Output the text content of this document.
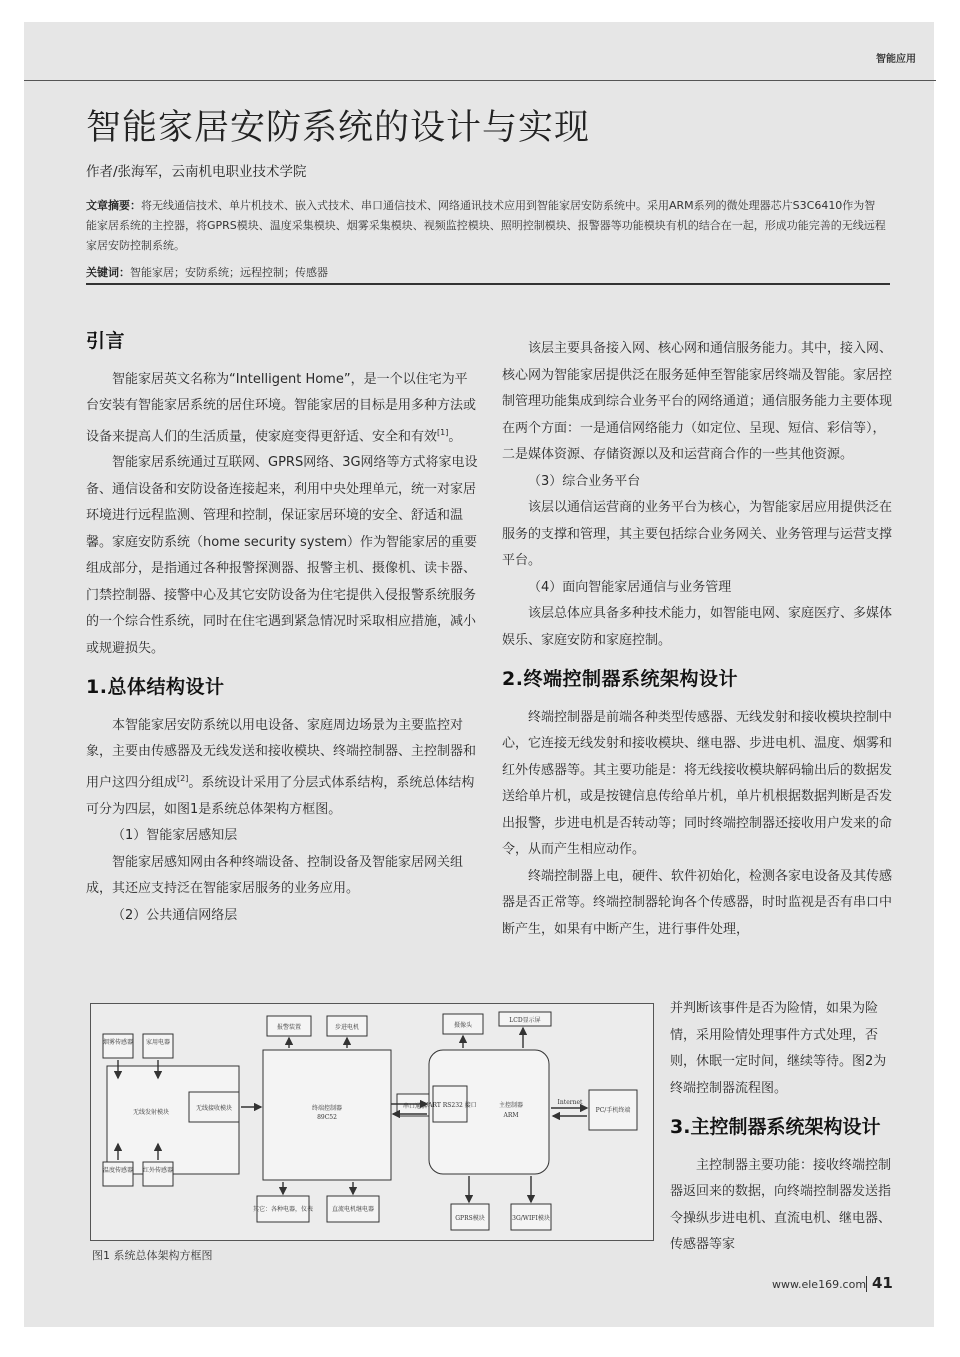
智能应用
智能家居安防系统的设计与实现
作者/张海军，云南机电职业技术学院
文章摘要：将无线通信技术、单片机技术、嵌入式技术、串口通信技术、网络通讯技术应用到智能家居安防系统中。采用ARM系列的微处理器芯片S3C6410作为智能家居系统的主控器，将GPRS模块、温度采集模块、烟雾采集模块、视频监控模块、照明控制模块、报警器等功能模块有机的结合在一起，形成功能完善的无线远程家居安防控制系统。
关键词：智能家居；安防系统；远程控制；传感器
引言

智能家居英文名称为“Intelligent Home”，是一个以住宅为平台安装有智能家居系统的居住环境。智能家居的目标是用多种方法或设备来提高人们的生活质量，使家庭变得更舒适、安全和有效[1]。

智能家居系统通过互联网、GPRS网络、3G网络等方式将家电设备、通信设备和安防设备连接起来，利用中央处理单元，统一对家居环境进行远程监测、管理和控制，保证家居环境的安全、舒适和温馨。家庭安防系统（home security system）作为智能家居的重要组成部分，是指通过各种报警探测器、报警主机、摄像机、读卡器、门禁控制器、接警中心及其它安防设备为住宅提供入侵报警系统服务的一个综合性系统，同时在住宅遇到紧急情况时采取相应措施，减小或规避损失。

1.总体结构设计

本智能家居安防系统以用电设备、家庭周边场景为主要监控对象，主要由传感器及无线发送和接收模块、终端控制器、主控制器和用户这四分组成[2]。系统设计采用了分层式体系结构，系统总体结构可分为四层，如图1是系统总体架构方框图。

（1）智能家居感知层

智能家居感知网由各种终端设备、控制设备及智能家居网关组成，其还应支持泛在智能家居服务的业务应用。

（2）公共通信网络层

该层主要具备接入网、核心网和通信服务能力。其中，接入网、核心网为智能家居提供泛在服务延伸至智能家居终端及智能。家居控制管理功能集成到综合业务平台的网络通道；通信服务能力主要体现在两个方面：一是通信网络能力（如定位、呈现、短信、彩信等），二是媒体资源、存储资源以及和运营商合作的一些其他资源。

（3）综合业务平台

该层以通信运营商的业务平台为核心，为智能家居应用提供泛在服务的支撑和管理，其主要包括综合业务网关、业务管理与运营支撑平台。

（4）面向智能家居通信与业务管理

该层总体应具备多种技术能力，如智能电网、家庭医疗、多媒体娱乐、家庭安防和家庭控制。

2.终端控制器系统架构设计

终端控制器是前端各种类型传感器、无线发射和接收模块控制中心，它连接无线发射和接收模块、继电器、步进电机、温度、烟雾和红外传感器等。其主要功能是：将无线接收模块解码输出后的数据发送给单片机，或是按键信息传给单片机，单片机根据数据判断是否发出报警，步进电机是否转动等；同时终端控制器还接收用户发来的命令，从而产生相应动作。

终端控制器上电，硬件、软件初始化，检测各家电设备及其传感器是否正常等。终端控制器轮询各个传感器，时时监视是否有串口中断产生，如果有中断产生，进行事件处理，

并判断该事件是否为险情，如果为险情，采用险情处理事件方式处理，否则，休眠一定时间，继续等待。图2为终端控制器流程图。

3.主控制器系统架构设计

主控制器主要功能：接收终端控制器返回来的数据，向终端控制器发送指令操纵步进电机、直流电机、继电器、传感器等家

烟雾传感器 家用电器
无线发射模块
温度传感器 红外传感器
无线接收模块
报警装置	步进电机
终端控制器
89C52
其它：各种电器，仪表	直流电机继电器
串口通信
摄像头
LCD显示屏
UART RS232 接口	主控制器
ARM
Internet
PC/手机终端
GPRS模块	3G/WIFI模块
图1 系统总体架构方框图
www.ele169.com 41
